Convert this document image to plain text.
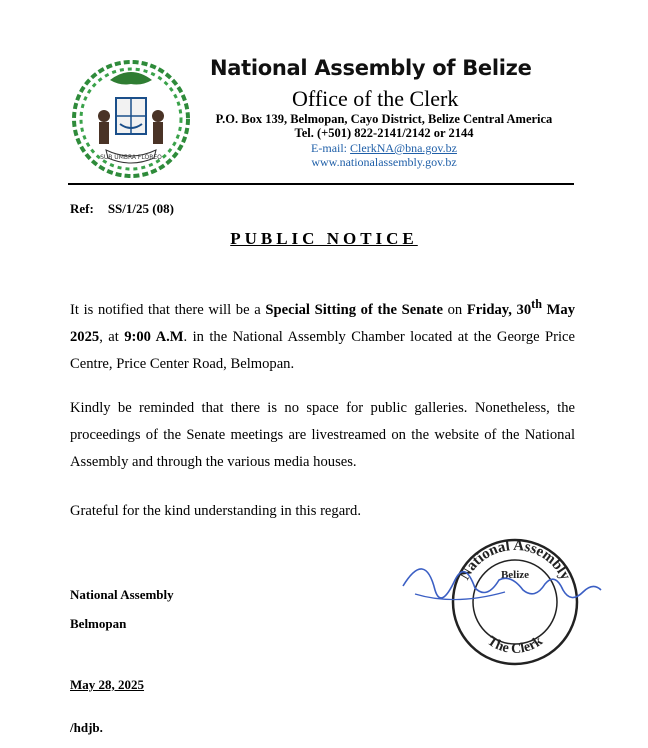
SUB UMBRA FLOREO
National Assembly of Belize
Office of the Clerk
P.O. Box 139, Belmopan, Cayo District, Belize Central America
Tel. (+501) 822-2141/2142 or 2144
E-mail: ClerkNA@bna.gov.bz
www.nationalassembly.gov.bz
Ref: SS/1/25 (08)
PUBLIC NOTICE
It is notified that there will be a Special Sitting of the Senate on Friday, 30th May 2025, at 9:00 A.M. in the National Assembly Chamber located at the George Price Centre, Price Center Road, Belmopan.
Kindly be reminded that there is no space for public galleries. Nonetheless, the proceedings of the Senate meetings are livestreamed on the website of the National Assembly and through the various media houses.
Grateful for the kind understanding in this regard.
National Assembly
Belmopan
National Assembly
Belize
The Clerk
May 28, 2025
/hdjb.
